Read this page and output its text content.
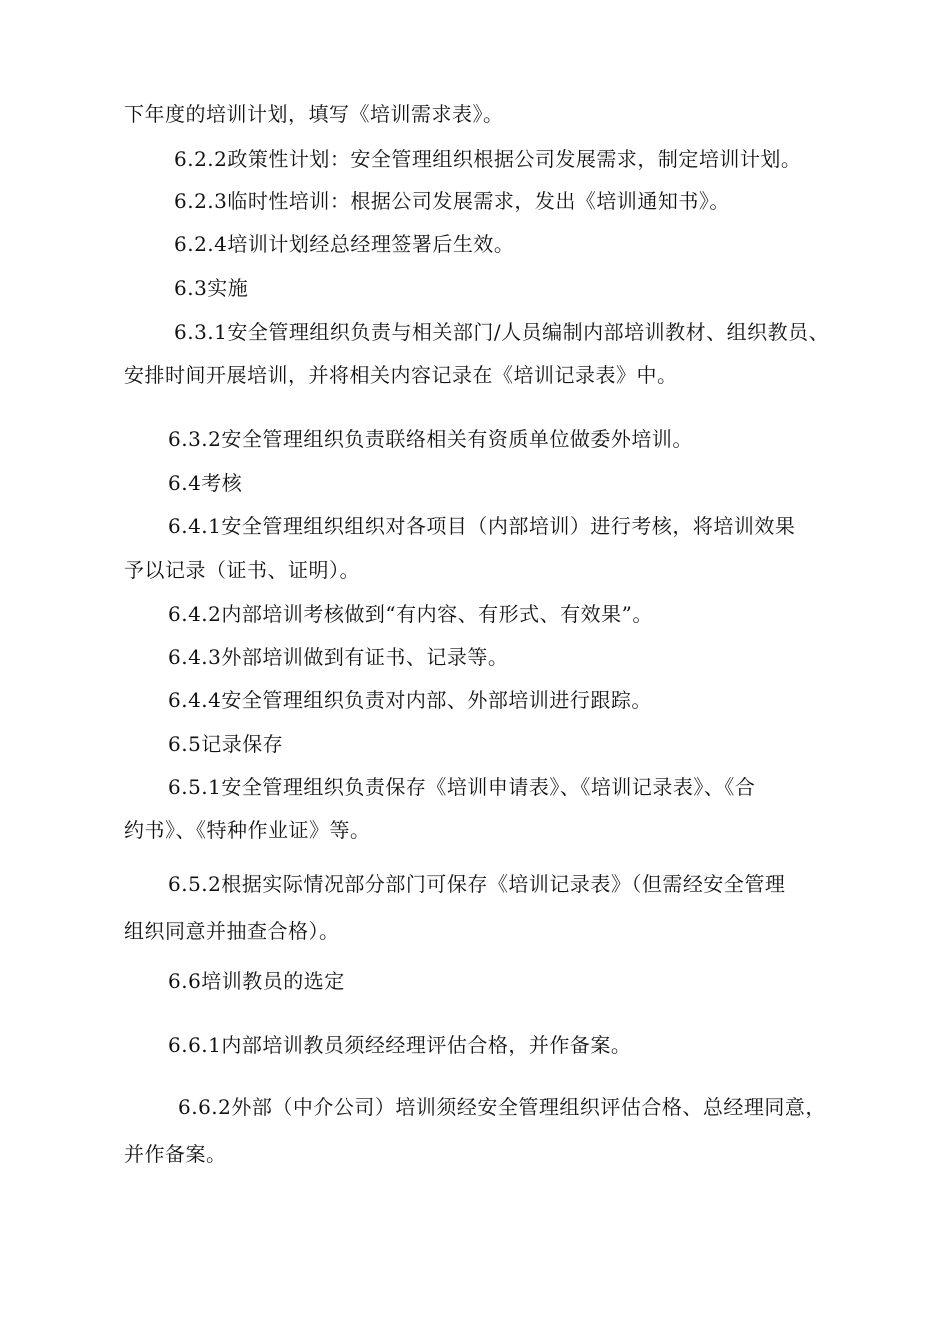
下年度的培训计划，填写《培训需求表》。
6.2.2政策性计划：安全管理组织根据公司发展需求，制定培训计划。
6.2.3临时性培训：根据公司发展需求，发出《培训通知书》。
6.2.4培训计划经总经理签署后生效。
6.3实施
6.3.1安全管理组织负责与相关部门/人员编制内部培训教材、组织教员、
安排时间开展培训，并将相关内容记录在《培训记录表》中。
6.3.2安全管理组织负责联络相关有资质单位做委外培训。
6.4考核
6.4.1安全管理组织组织对各项目（内部培训）进行考核，将培训效果
予以记录（证书、证明）。
6.4.2内部培训考核做到“有内容、有形式、有效果”。
6.4.3外部培训做到有证书、记录等。
6.4.4安全管理组织负责对内部、外部培训进行跟踪。
6.5记录保存
6.5.1安全管理组织负责保存《培训申请表》、《培训记录表》、《合
约书》、《特种作业证》等。
6.5.2根据实际情况部分部门可保存《培训记录表》（但需经安全管理
组织同意并抽查合格）。
6.6培训教员的选定
6.6.1内部培训教员须经经理评估合格，并作备案。
6.6.2外部（中介公司）培训须经安全管理组织评估合格、总经理同意，
并作备案。
